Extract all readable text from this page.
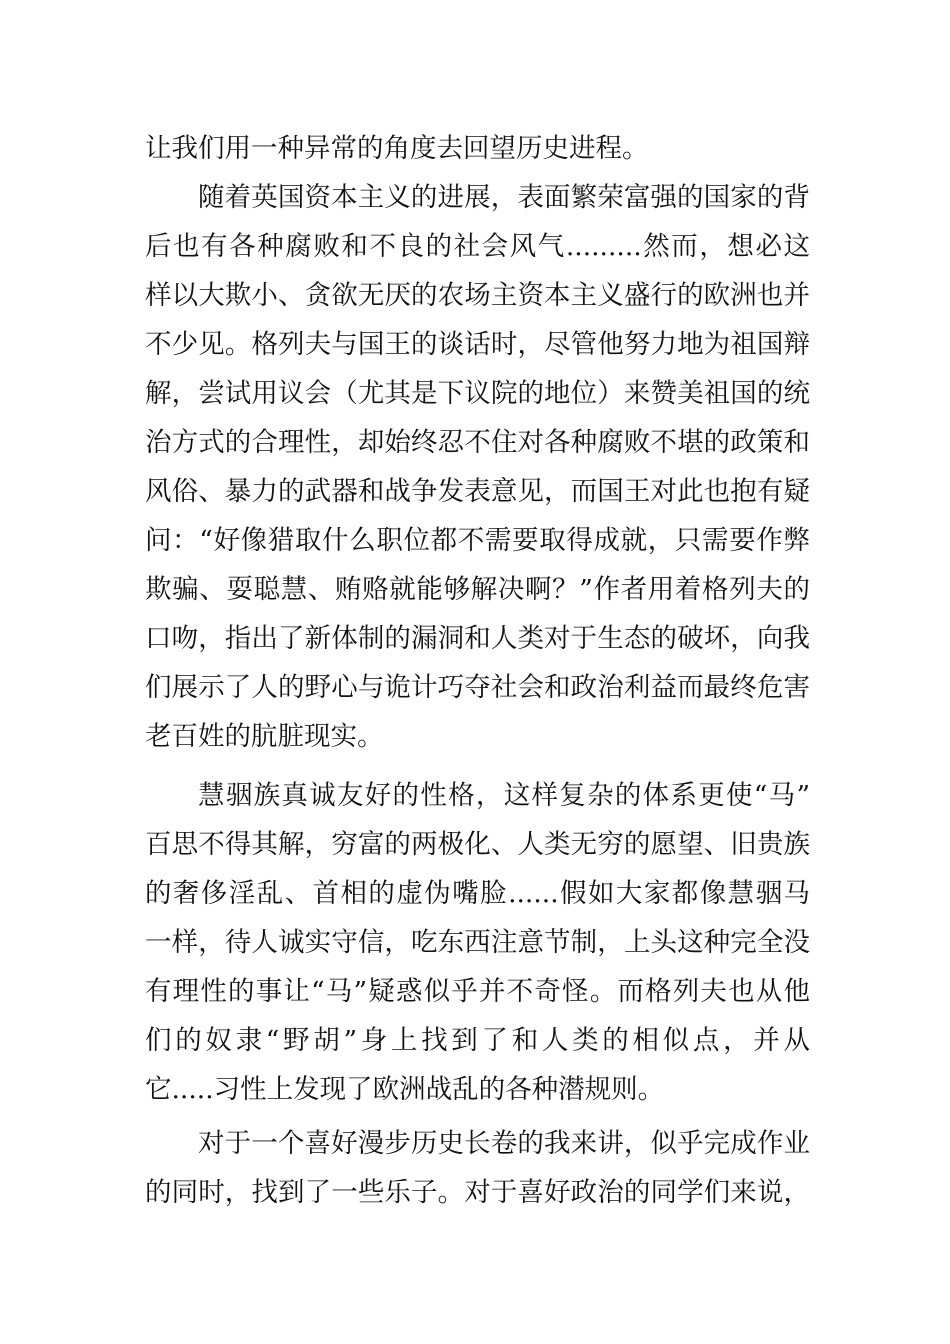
让我们用一种异常的角度去回望历史进程。
随着英国资本主义的进展，表面繁荣富强的国家的背
后也有各种腐败和不良的社会风气.........然而，想必这
样以大欺小、贪欲无厌的农场主资本主义盛行的欧洲也并
不少见。格列夫与国王的谈话时，尽管他努力地为祖国辩
解，尝试用议会（尤其是下议院的地位）来赞美祖国的统
治方式的合理性，却始终忍不住对各种腐败不堪的政策和
风俗、暴力的武器和战争发表意见，而国王对此也抱有疑
问：“好像猎取什么职位都不需要取得成就，只需要作弊
欺骗、耍聪慧、贿赂就能够解决啊？”作者用着格列夫的
口吻，指出了新体制的漏洞和人类对于生态的破坏，向我
们展示了人的野心与诡计巧夺社会和政治利益而最终危害
老百姓的肮脏现实。
慧骃族真诚友好的性格，这样复杂的体系更使“马”
百思不得其解，穷富的两极化、人类无穷的愿望、旧贵族
的奢侈淫乱、首相的虚伪嘴脸......假如大家都像慧骃马
一样，待人诚实守信，吃东西注意节制，上头这种完全没
有理性的事让“马”疑惑似乎并不奇怪。而格列夫也从他
们的奴隶“野胡”身上找到了和人类的相似点，并从
它.....习性上发现了欧洲战乱的各种潜规则。
对于一个喜好漫步历史长卷的我来讲，似乎完成作业
的同时，找到了一些乐子。对于喜好政治的同学们来说，
